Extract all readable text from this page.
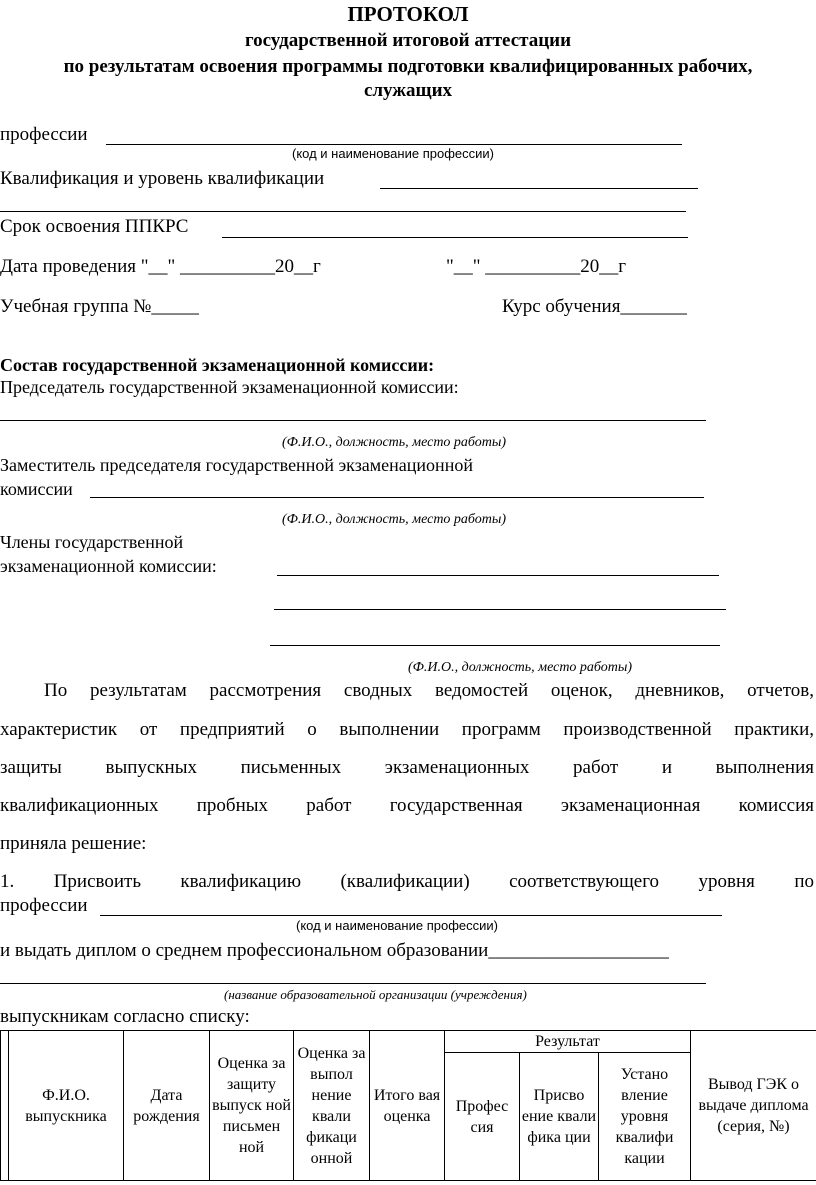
ПРОТОКОЛ
государственной итоговой аттестации
по результатам освоения программы подготовки квалифицированных рабочих,
служащих
профессии
(код и наименование профессии)
Квалификация и уровень квалификации
Срок освоения ППКРС
Дата проведения "__" __________20__г	"__" __________20__г
Учебная группа №_____	Курс обучения_______
Состав государственной экзаменационной комиссии:
Председатель государственной экзаменационной комиссии:
(Ф.И.О., должность, место работы)
Заместитель председателя государственной экзаменационной
комиссии
(Ф.И.О., должность, место работы)
Члены государственной
экзаменационной комиссии:
(Ф.И.О., должность, место работы)
По результатам рассмотрения сводных ведомостей оценок, дневников, отчетов,
характеристик от предприятий о выполнении программ производственной практики,
защиты выпускных письменных экзаменационных работ и выполнения
квалификационных пробных работ государственная экзаменационная комиссия
приняла решение:
1. Присвоить квалификацию (квалификации) соответствующего уровня по
профессии
(код и наименование профессии)
и выдать диплом о среднем профессиональном образовании___________________
(название образовательной организации (учреждения)
выпускникам согласно списку:
	Ф.И.О. выпускника	Дата рождения	Оценка за защиту выпуск ной письмен ной	Оценка за выпол нение квали фикаци онной	Итого вая оценка	Результат			Вывод ГЭК о выдаче диплома (серия, №)
						Профес сия	Присво ение квали фика ции	Устано вление уровня квалифи кации	
